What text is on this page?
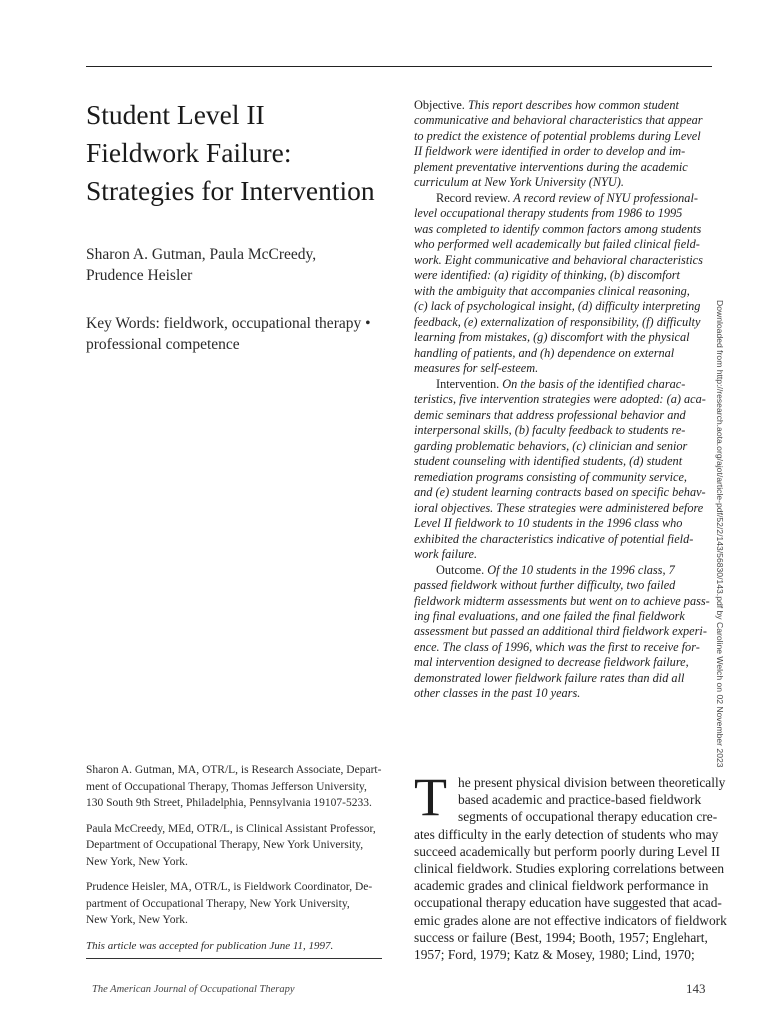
Student Level II
Fieldwork Failure:
Strategies for Intervention
Sharon A. Gutman, Paula McCreedy,
Prudence Heisler
Key Words: fieldwork, occupational therapy •
professional competence
Objective. This report describes how common student
communicative and behavioral characteristics that appear
to predict the existence of potential problems during Level
II fieldwork were identified in order to develop and im-
plement preventative interventions during the academic
curriculum at New York University (NYU).
Record review. A record review of NYU professional-
level occupational therapy students from 1986 to 1995
was completed to identify common factors among students
who performed well academically but failed clinical field-
work. Eight communicative and behavioral characteristics
were identified: (a) rigidity of thinking, (b) discomfort
with the ambiguity that accompanies clinical reasoning,
(c) lack of psychological insight, (d) difficulty interpreting
feedback, (e) externalization of responsibility, (f) difficulty
learning from mistakes, (g) discomfort with the physical
handling of patients, and (h) dependence on external
measures for self-esteem.
Intervention. On the basis of the identified charac-
teristics, five intervention strategies were adopted: (a) aca-
demic seminars that address professional behavior and
interpersonal skills, (b) faculty feedback to students re-
garding problematic behaviors, (c) clinician and senior
student counseling with identified students, (d) student
remediation programs consisting of community service,
and (e) student learning contracts based on specific behav-
ioral objectives. These strategies were administered before
Level II fieldwork to 10 students in the 1996 class who
exhibited the characteristics indicative of potential field-
work failure.
Outcome. Of the 10 students in the 1996 class, 7
passed fieldwork without further difficulty, two failed
fieldwork midterm assessments but went on to achieve pass-
ing final evaluations, and one failed the final fieldwork
assessment but passed an additional third fieldwork experi-
ence. The class of 1996, which was the first to receive for-
mal intervention designed to decrease fieldwork failure,
demonstrated lower fieldwork failure rates than did all
other classes in the past 10 years.	Downloaded from http://research.aota.org/ajot/article-pdf/52/2/143/56830/143.pdf by Caroline Welch on 02 November 2023
Sharon A. Gutman, MA, OTR/L, is Research Associate, Depart-
ment of Occupational Therapy, Thomas Jefferson University,
130 South 9th Street, Philadelphia, Pennsylvania 19107-5233.
Paula McCreedy, MEd, OTR/L, is Clinical Assistant Professor,
Department of Occupational Therapy, New York University,
New York, New York.
Prudence Heisler, MA, OTR/L, is Fieldwork Coordinator, De-
partment of Occupational Therapy, New York University,
New York, New York.
This article was accepted for publication June 11, 1997.
T he present physical division between theoretically
based academic and practice-based fieldwork
segments of occupational therapy education cre-
ates difficulty in the early detection of students who may
succeed academically but perform poorly during Level II
clinical fieldwork. Studies exploring correlations between
academic grades and clinical fieldwork performance in
occupational therapy education have suggested that acad-
emic grades alone are not effective indicators of fieldwork
success or failure (Best, 1994; Booth, 1957; Englehart,
1957; Ford, 1979; Katz & Mosey, 1980; Lind, 1970;
The American Journal of Occupational Therapy	143
